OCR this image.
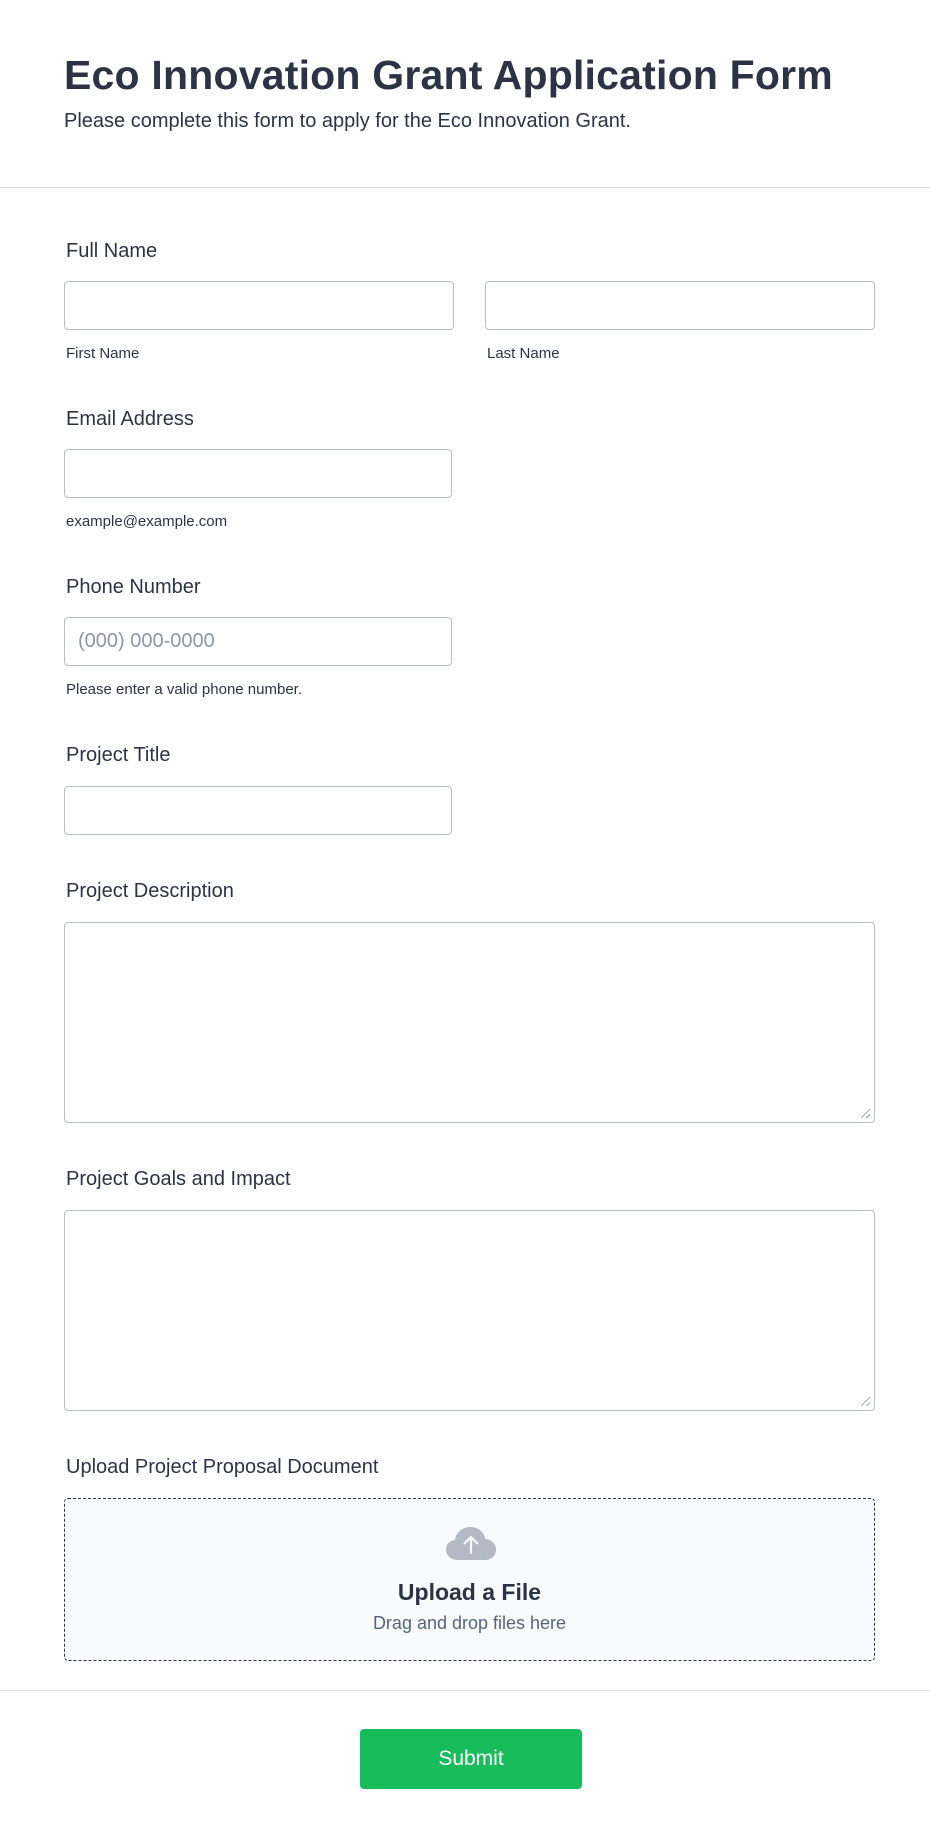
Eco Innovation Grant Application Form
Please complete this form to apply for the Eco Innovation Grant.
Full Name
First Name	Last Name
Email Address
example@example.com
Phone Number
(000) 000-0000
Please enter a valid phone number.
Project Title
Project Description
Project Goals and Impact
Upload Project Proposal Document
Upload a File
Drag and drop files here
Submit
